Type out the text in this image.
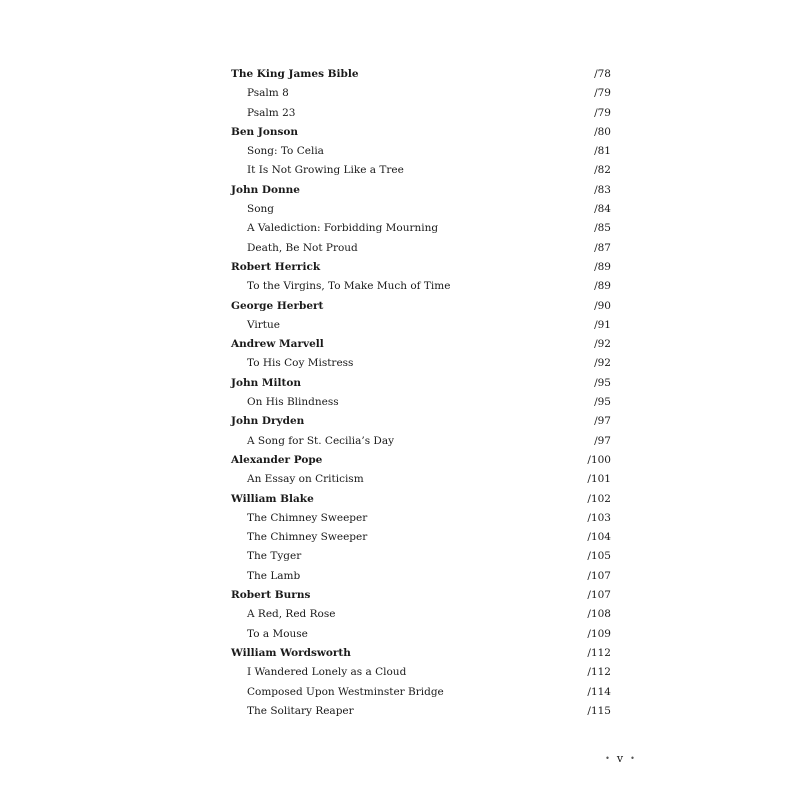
The King James Bible	/78
Psalm 8	/79
Psalm 23	/79
Ben Jonson	/80
Song: To Celia	/81
It Is Not Growing Like a Tree	/82
John Donne	/83
Song	/84
A Valediction: Forbidding Mourning	/85
Death, Be Not Proud	/87
Robert Herrick	/89
To the Virgins, To Make Much of Time	/89
George Herbert	/90
Virtue	/91
Andrew Marvell	/92
To His Coy Mistress	/92
John Milton	/95
On His Blindness	/95
John Dryden	/97
A Song for St. Cecilia’s Day	/97
Alexander Pope	/100
An Essay on Criticism	/101
William Blake	/102
The Chimney Sweeper	/103
The Chimney Sweeper	/104
The Tyger	/105
The Lamb	/107
Robert Burns	/107
A Red, Red Rose	/108
To a Mouse	/109
William Wordsworth	/112
I Wandered Lonely as a Cloud	/112
Composed Upon Westminster Bridge	/114
The Solitary Reaper	/115
• v •
